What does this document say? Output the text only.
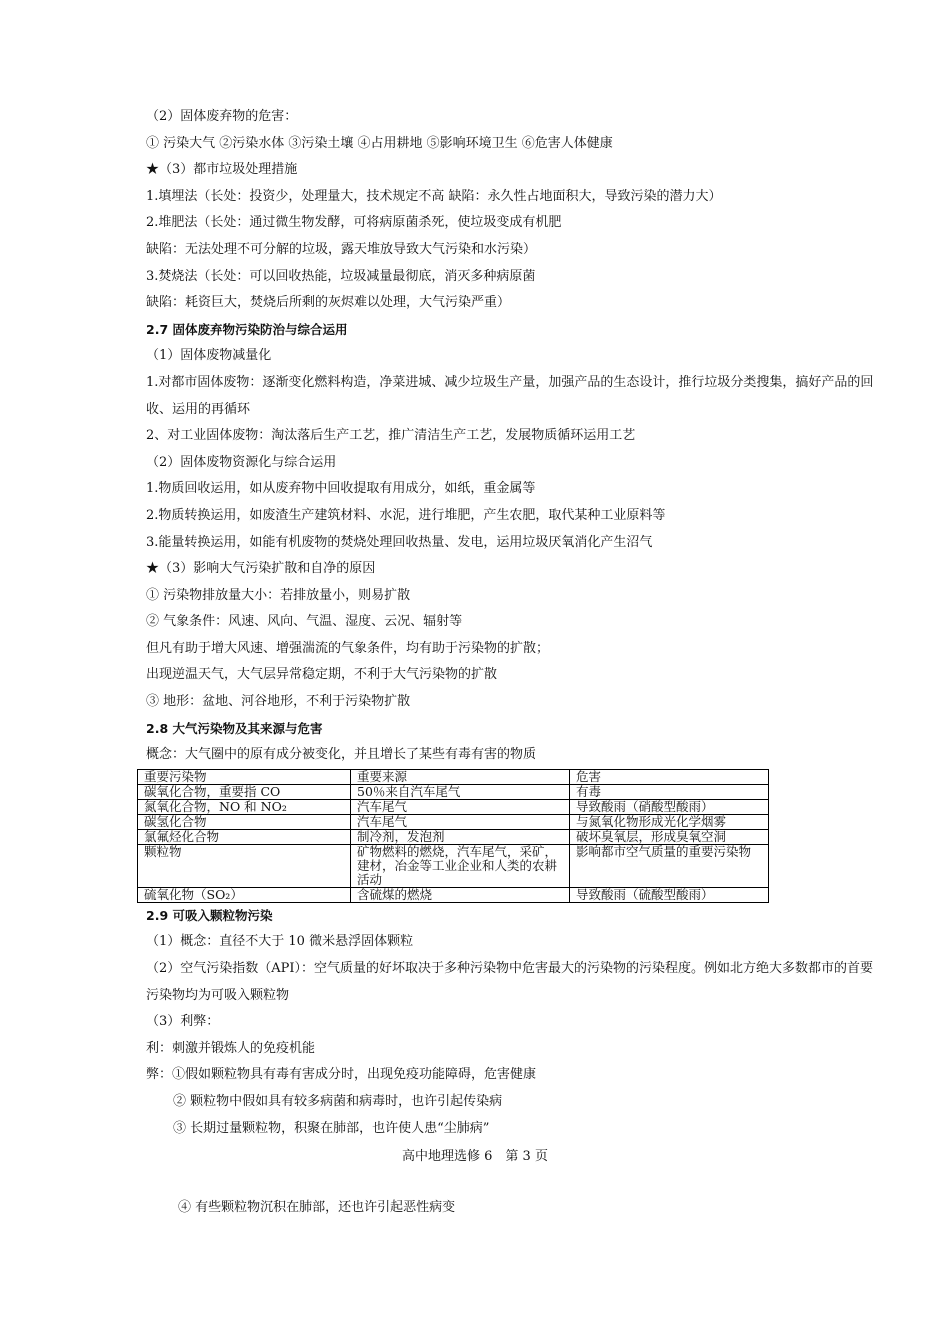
（2）固体废弃物的危害：
① 污染大气 ②污染水体 ③污染土壤 ④占用耕地 ⑤影响环境卫生 ⑥危害人体健康
★（3）都市垃圾处理措施
1.填埋法（长处：投资少，处理量大，技术规定不高 缺陷：永久性占地面积大，导致污染的潜力大）
2.堆肥法（长处：通过微生物发酵，可将病原菌杀死，使垃圾变成有机肥
缺陷：无法处理不可分解的垃圾，露天堆放导致大气污染和水污染）
3.焚烧法（长处：可以回收热能，垃圾减量最彻底，消灭多种病原菌
缺陷：耗资巨大，焚烧后所剩的灰烬难以处理，大气污染严重）
2.7 固体废弃物污染防治与综合运用
（1）固体废物减量化
1.对都市固体废物：逐渐变化燃料构造，净菜进城、减少垃圾生产量，加强产品的生态设计，推行垃圾分类搜集，搞好产品的回收、运用的再循环
2、对工业固体废物：淘汰落后生产工艺，推广清洁生产工艺，发展物质循环运用工艺
（2）固体废物资源化与综合运用
1.物质回收运用，如从废弃物中回收提取有用成分，如纸，重金属等
2.物质转换运用，如废渣生产建筑材料、水泥，进行堆肥，产生农肥，取代某种工业原料等
3.能量转换运用，如能有机废物的焚烧处理回收热量、发电，运用垃圾厌氧消化产生沼气
★（3）影响大气污染扩散和自净的原因
① 污染物排放量大小：若排放量小，则易扩散
② 气象条件：风速、风向、气温、湿度、云况、辐射等
但凡有助于增大风速、增强湍流的气象条件，均有助于污染物的扩散；
出现逆温天气，大气层异常稳定期，不利于大气污染物的扩散
③ 地形：盆地、河谷地形，不利于污染物扩散
2.8 大气污染物及其来源与危害
概念：大气圈中的原有成分被变化，并且增长了某些有毒有害的物质
重要污染物	重要来源	危害
碳氧化合物，重要指 CO	50％来自汽车尾气	有毒
氮氧化合物，NO 和 NO₂	汽车尾气	导致酸雨（硝酸型酸雨）
碳氢化合物	汽车尾气	与氮氧化物形成光化学烟雾
氯氟烃化合物	制冷剂，发泡剂	破坏臭氧层，形成臭氧空洞
颗粒物	矿物燃料的燃烧，汽车尾气，采矿，建材，冶金等工业企业和人类的农耕活动	影响都市空气质量的重要污染物
硫氧化物（SO₂）	含硫煤的燃烧	导致酸雨（硫酸型酸雨）
2.9 可吸入颗粒物污染
（1）概念：直径不大于 10 微米悬浮固体颗粒
（2）空气污染指数（API）：空气质量的好坏取决于多种污染物中危害最大的污染物的污染程度。例如北方绝大多数都市的首要污染物均为可吸入颗粒物
（3）利弊：
利：刺激并锻炼人的免疫机能
弊：①假如颗粒物具有毒有害成分时，出现免疫功能障碍，危害健康
② 颗粒物中假如具有较多病菌和病毒时，也许引起传染病
③ 长期过量颗粒物，积聚在肺部，也许使人患“尘肺病”
高中地理选修 6　第 3 页
④ 有些颗粒物沉积在肺部，还也许引起恶性病变
